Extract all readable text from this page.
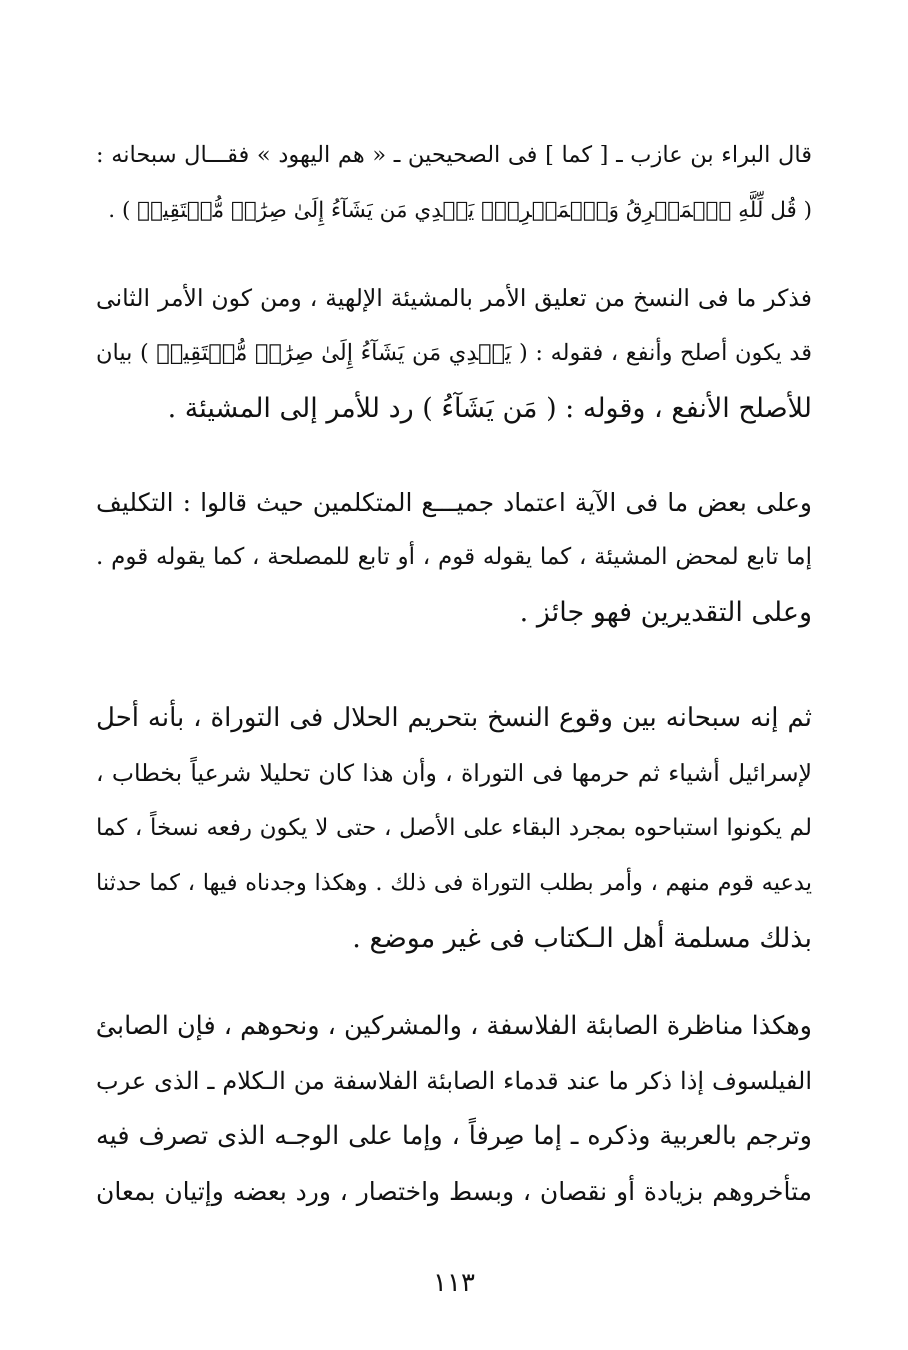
قال البراء بن عازب ـ [ كما ] فى الصحيحين ـ « هم اليهود » فقـــال سبحانه :
( قُل لِّلَّهِ ٱلۡمَشۡرِقُ وَٱلۡمَغۡرِبُۚ يَهۡدِي مَن يَشَآءُ إِلَىٰ صِرَٰطٖ مُّسۡتَقِيمٖ ) .
فذكر ما فى النسخ من تعليق الأمر بالمشيئة الإلهية ، ومن كون الأمر الثانى
قد يكون أصلح وأنفع ، فقوله : ( يَهۡدِي مَن يَشَآءُ إِلَىٰ صِرَٰطٖ مُّسۡتَقِيمٖ ) بيان
للأصلح الأنفع ، وقوله : ( مَن يَشَآءُ ) رد للأمر إلى المشيئة .
وعلى بعض ما فى الآية اعتماد جميـــع المتكلمين حيث قالوا : التكليف
إما تابع لمحض المشيئة ، كما يقوله قوم ، أو تابع للمصلحة ، كما يقوله قوم .
وعلى التقديرين فهو جائز .
ثم إنه سبحانه بين وقوع النسخ بتحريم الحلال فى التوراة ، بأنه أحل
لإسرائيل أشياء ثم حرمها فى التوراة ، وأن هذا كان تحليلا شرعياً بخطاب ،
لم يكونوا استباحوه بمجرد البقاء على الأصل ، حتى لا يكون رفعه نسخاً ، كما
يدعيه قوم منهم ، وأمر بطلب التوراة فى ذلك . وهكذا وجدناه فيها ، كما حدثنا
بذلك مسلمة أهل الـكتاب فى غير موضع .
وهكذا مناظرة الصابئة الفلاسفة ، والمشركين ، ونحوهم ، فإن الصابئ
الفيلسوف إذا ذكر ما عند قدماء الصابئة الفلاسفة من الـكلام ـ الذى عرب
وترجم بالعربية وذكره ـ إما صِرفاً ، وإما على الوجـه الذى تصرف فيه
متأخروهم بزيادة أو نقصان ، وبسط واختصار ، ورد بعضه وإتيان بمعان
١١٣
